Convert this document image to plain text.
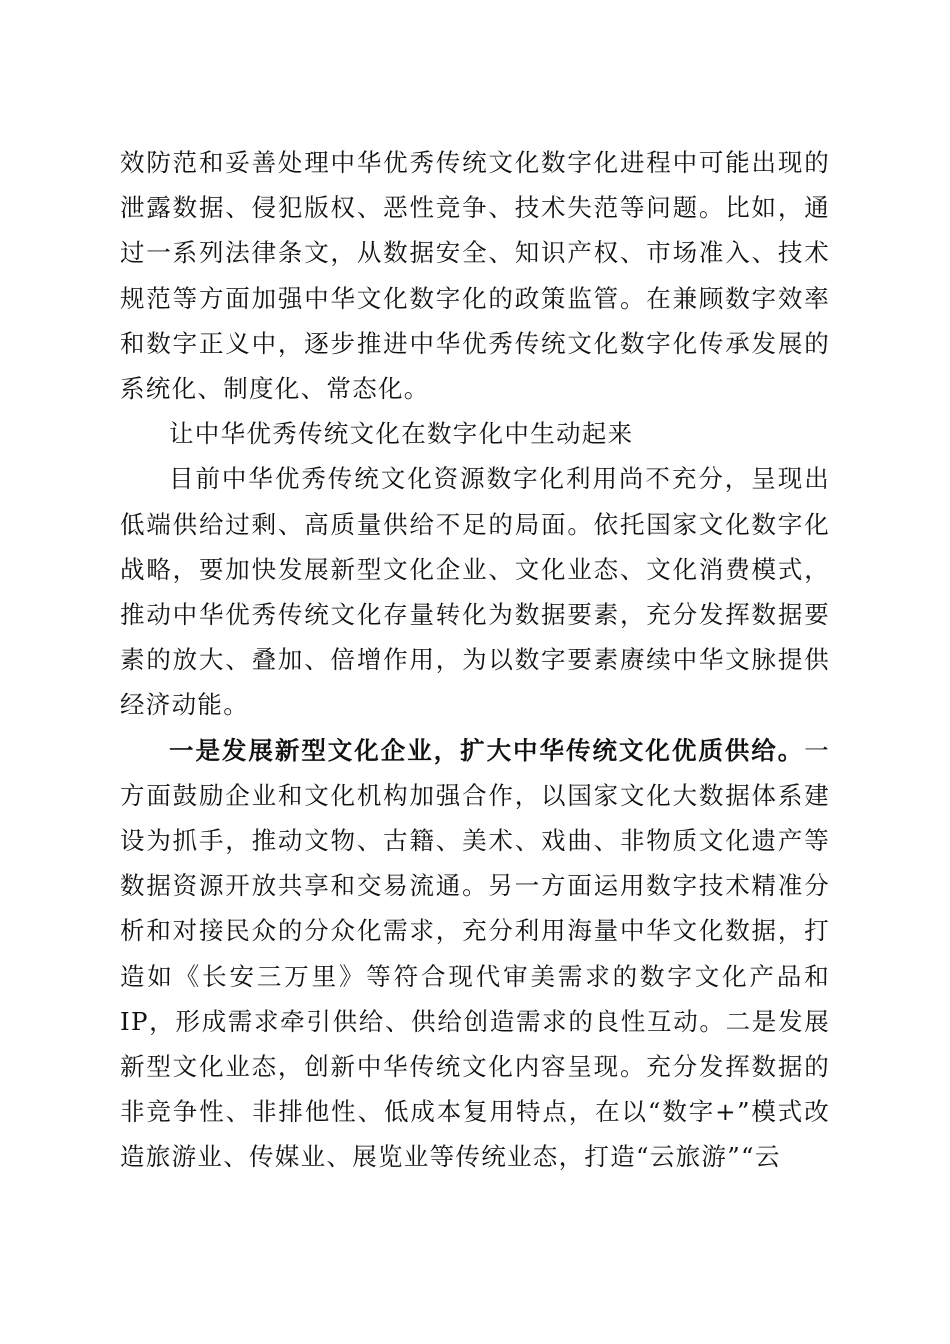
效防范和妥善处理中华优秀传统文化数字化进程中可能出现的泄露数据、侵犯版权、恶性竞争、技术失范等问题。比如，通过一系列法律条文，从数据安全、知识产权、市场准入、技术规范等方面加强中华文化数字化的政策监管。在兼顾数字效率和数字正义中，逐步推进中华优秀传统文化数字化传承发展的系统化、制度化、常态化。

让中华优秀传统文化在数字化中生动起来

目前中华优秀传统文化资源数字化利用尚不充分，呈现出低端供给过剩、高质量供给不足的局面。依托国家文化数字化战略，要加快发展新型文化企业、文化业态、文化消费模式，推动中华优秀传统文化存量转化为数据要素，充分发挥数据要素的放大、叠加、倍增作用，为以数字要素赓续中华文脉提供经济动能。

一是发展新型文化企业，扩大中华传统文化优质供给。一方面鼓励企业和文化机构加强合作，以国家文化大数据体系建设为抓手，推动文物、古籍、美术、戏曲、非物质文化遗产等数据资源开放共享和交易流通。另一方面运用数字技术精准分析和对接民众的分众化需求，充分利用海量中华文化数据，打造如《长安三万里》等符合现代审美需求的数字文化产品和IP，形成需求牵引供给、供给创造需求的良性互动。二是发展新型文化业态，创新中华传统文化内容呈现。充分发挥数据的非竞争性、非排他性、低成本复用特点，在以“数字+”模式改造旅游业、传媒业、展览业等传统业态，打造“云旅游”“云
